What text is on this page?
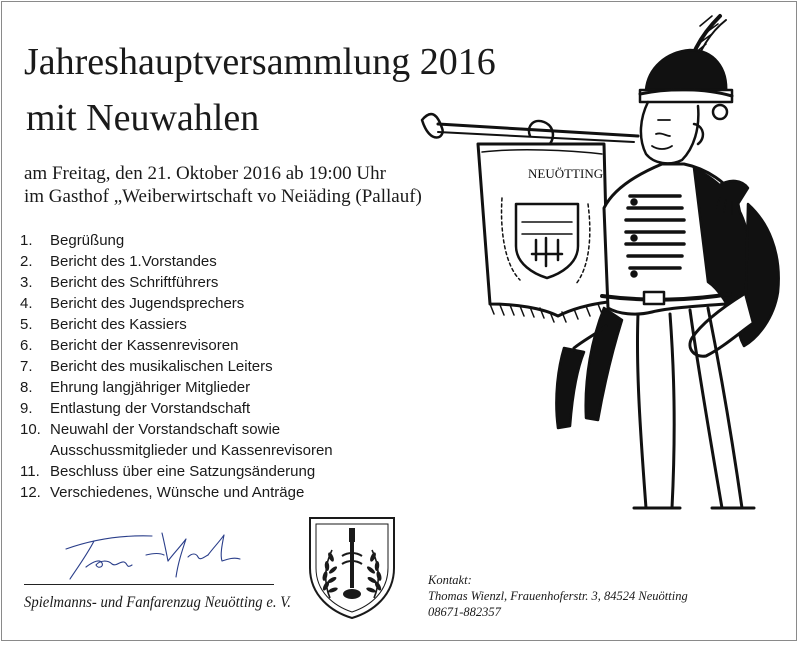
Jahreshauptversammlung 2016
mit Neuwahlen
am Freitag, den 21. Oktober 2016 ab 19:00 Uhr
im Gasthof „Weiberwirtschaft vo Neiäding (Pallauf)
1. Begrüßung
2. Bericht des 1.Vorstandes
3. Bericht des Schriftführers
4. Bericht des Jugendsprechers
5. Bericht des Kassiers
6. Bericht der Kassenrevisoren
7. Bericht des musikalischen Leiters
8. Ehrung langjähriger Mitglieder
9. Entlastung der Vorstandschaft
10. Neuwahl der Vorstandschaft sowie Ausschussmitglieder und Kassenrevisoren
11. Beschluss über eine Satzungsänderung
12. Verschiedenes, Wünsche und Anträge
Spielmanns- und Fanfarenzug Neuötting e. V.
Kontakt:
Thomas Wienzl, Frauenhoferstr. 3, 84524 Neuötting
08671-882357
NEUÖTTING
